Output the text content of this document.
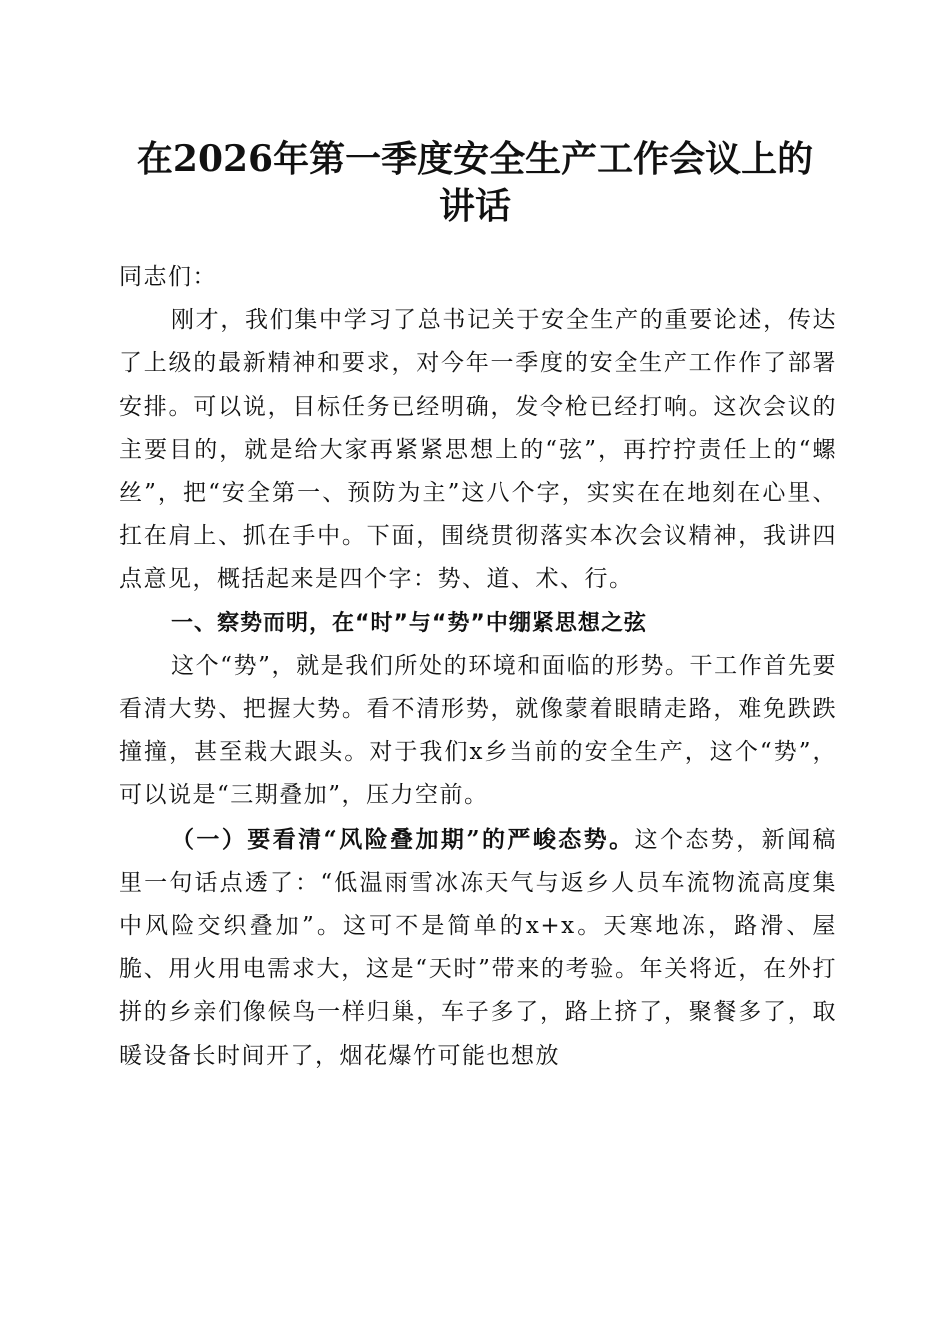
在2026年第一季度安全生产工作会议上的讲话

同志们：

刚才，我们集中学习了总书记关于安全生产的重要论述，传达了上级的最新精神和要求，对今年一季度的安全生产工作作了部署安排。可以说，目标任务已经明确，发令枪已经打响。这次会议的主要目的，就是给大家再紧紧思想上的“弦”，再拧拧责任上的“螺丝”，把“安全第一、预防为主”这八个字，实实在在地刻在心里、扛在肩上、抓在手中。下面，围绕贯彻落实本次会议精神，我讲四点意见，概括起来是四个字：势、道、术、行。

一、察势而明，在“时”与“势”中绷紧思想之弦

这个“势”，就是我们所处的环境和面临的形势。干工作首先要看清大势、把握大势。看不清形势，就像蒙着眼睛走路，难免跌跌撞撞，甚至栽大跟头。对于我们x乡当前的安全生产，这个“势”，可以说是“三期叠加”，压力空前。

（一）要看清“风险叠加期”的严峻态势。这个态势，新闻稿里一句话点透了：“低温雨雪冰冻天气与返乡人员车流物流高度集中风险交织叠加”。这可不是简单的x+x。天寒地冻，路滑、屋脆、用火用电需求大，这是“天时”带来的考验。年关将近，在外打拼的乡亲们像候鸟一样归巢，车子多了，路上挤了，聚餐多了，取暖设备长时间开了，烟花爆竹可能也想放
